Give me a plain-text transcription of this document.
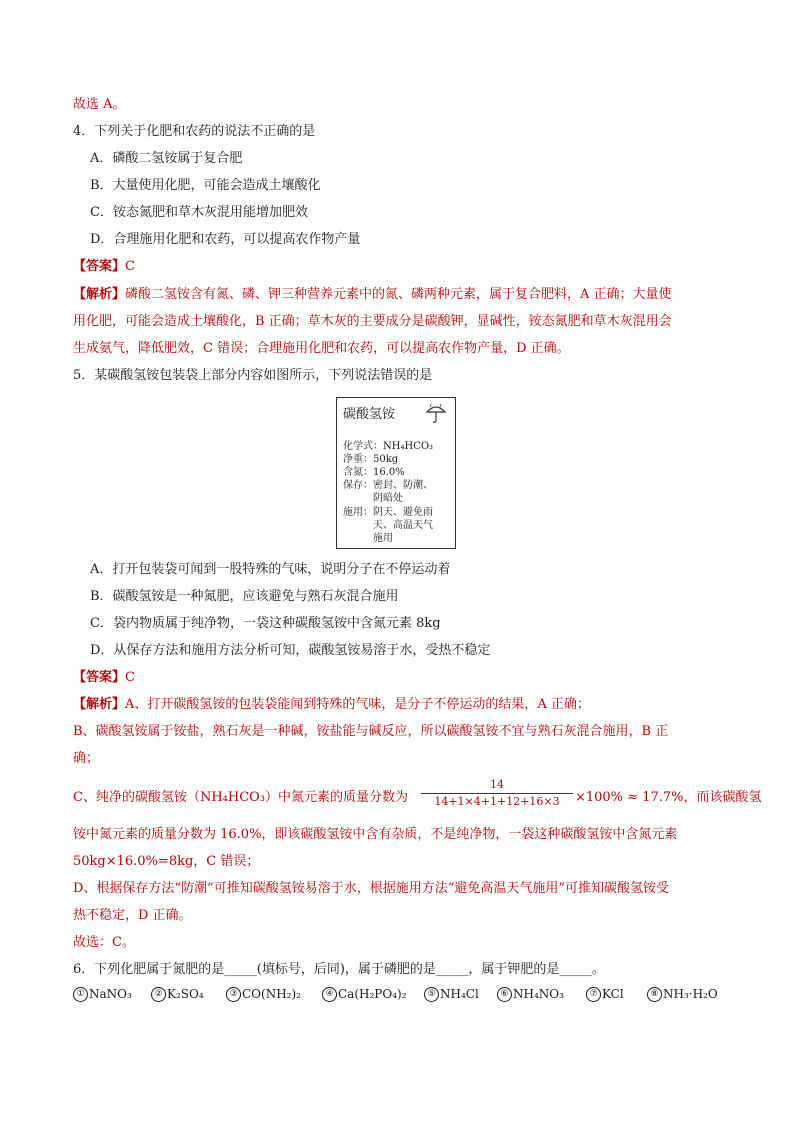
故选 A。
4．下列关于化肥和农药的说法不正确的是
A．磷酸二氢铵属于复合肥
B．大量使用化肥，可能会造成土壤酸化
C．铵态氮肥和草木灰混用能增加肥效
D．合理施用化肥和农药，可以提高农作物产量
【答案】C
【解析】磷酸二氢铵含有氮、磷、钾三种营养元素中的氮、磷两种元素，属于复合肥料，A 正确；大量使
用化肥，可能会造成土壤酸化，B 正确；草木灰的主要成分是碳酸钾，显碱性，铵态氮肥和草木灰混用会
生成氨气，降低肥效，C 错误；合理施用化肥和农药，可以提高农作物产量，D 正确。
5．某碳酸氢铵包装袋上部分内容如图所示，下列说法错误的是
碳酸氢铵
化学式：NH₄HCO₃
净重：50kg
含氮：16.0%
保存：密封、防潮、
阴暗处
施用：阴天、避免雨
天、高温天气
施用
A．打开包装袋可闻到一股特殊的气味，说明分子在不停运动着
B．碳酸氢铵是一种氮肥，应该避免与熟石灰混合施用
C．袋内物质属于纯净物，一袋这种碳酸氢铵中含氮元素 8kg
D．从保存方法和施用方法分析可知，碳酸氢铵易溶于水，受热不稳定
【答案】C
【解析】A、打开碳酸氢铵的包装袋能闻到特殊的气味，是分子不停运动的结果，A 正确；
B、碳酸氢铵属于铵盐，熟石灰是一种碱，铵盐能与碱反应，所以碳酸氢铵不宜与熟石灰混合施用，B 正
确；
C、纯净的碳酸氢铵（NH₄HCO₃）中氮元素的质量分数为
14
14+1×4+1+12+16×3	×100% ≈ 17.7%，而该碳酸氢
铵中氮元素的质量分数为 16.0%，即该碳酸氢铵中含有杂质，不是纯净物，一袋这种碳酸氢铵中含氮元素
50kg×16.0%=8kg，C 错误；
D、根据保存方法“防潮”可推知碳酸氢铵易溶于水，根据施用方法“避免高温天气施用”可推知碳酸氢铵受
热不稳定，D 正确。
故选：C。
6．下列化肥属于氮肥的是_____(填标号，后同)，属于磷肥的是_____，属于钾肥的是_____。
① NaNO₃	② K₂SO₄	③ CO(NH₂)₂	④ Ca(H₂PO₄)₂	⑤ NH₄Cl	⑥ NH₄NO₃	⑦ KCl	⑧ NH₃·H₂O
